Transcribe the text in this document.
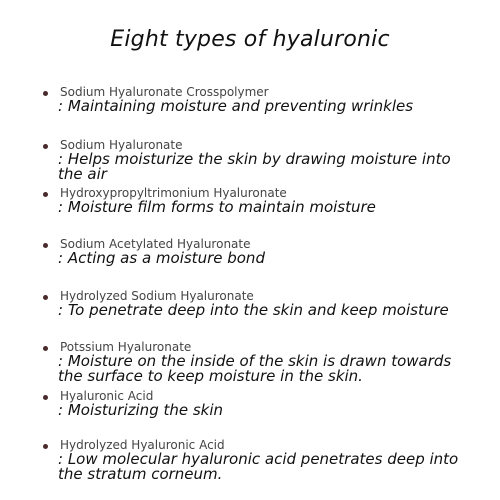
Eight types of hyaluronic
Sodium Hyaluronate Crosspolymer
: Maintaining moisture and preventing wrinkles
Sodium Hyaluronate
: Helps moisturize the skin by drawing moisture into the air
Hydroxypropyltrimonium Hyaluronate
: Moisture film forms to maintain moisture
Sodium Acetylated Hyaluronate
: Acting as a moisture bond
Hydrolyzed Sodium Hyaluronate
: To penetrate deep into the skin and keep moisture
Potssium Hyaluronate
: Moisture on the inside of the skin is drawn towards the surface to keep moisture in the skin.
Hyaluronic Acid
: Moisturizing the skin
Hydrolyzed Hyaluronic Acid
: Low molecular hyaluronic acid penetrates deep into the stratum corneum.
